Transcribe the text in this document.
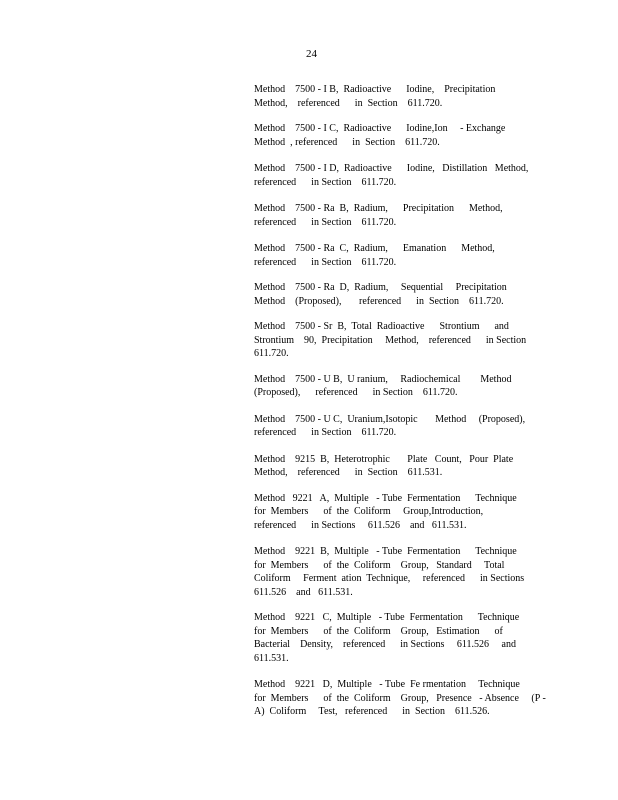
24

Method    7500 - I B,  Radioactive      Iodine,    Precipitation
Method,    referenced      in  Section    611.720.

Method    7500 - I C,  Radioactive      Iodine,Ion     - Exchange
Method  , referenced      in  Section    611.720.

Method    7500 - I D,  Radioactive      Iodine,   Distillation   Method,
referenced      in Section    611.720.

Method    7500 - Ra  B,  Radium,      Precipitation      Method,
referenced      in Section    611.720.

Method    7500 - Ra  C,  Radium,      Emanation      Method,
referenced      in Section    611.720.

Method    7500 - Ra  D,  Radium,     Sequential     Precipitation
Method    (Proposed),       referenced      in  Section    611.720.

Method    7500 - Sr  B,  Total  Radioactive      Strontium      and
Strontium    90,  Precipitation     Method,    referenced      in Section
611.720.

Method    7500 - U B,  U ranium,     Radiochemical        Method
(Proposed),      referenced      in Section    611.720.

Method    7500 - U C,  Uranium,Isotopic       Method     (Proposed),
referenced      in Section    611.720.

Method    9215  B,  Heterotrophic       Plate   Count,   Pour  Plate
Method,    referenced      in  Section    611.531.

Method   9221   A,  Multiple   - Tube  Fermentation      Technique
for  Members      of  the  Coliform     Group,Introduction,
referenced      in Sections     611.526    and   611.531.

Method    9221  B,  Multiple   - Tube  Fermentation      Technique
for  Members      of  the  Coliform    Group,   Standard     Total
Coliform     Ferment  ation  Technique,     referenced      in Sections
611.526    and   611.531.

Method    9221   C,  Multiple   - Tube  Fermentation      Technique
for  Members      of  the  Coliform    Group,   Estimation      of
Bacterial    Density,    referenced      in Sections     611.526     and
611.531.

Method    9221   D,  Multiple   - Tube  Fe rmentation     Technique
for  Members      of  the  Coliform    Group,   Presence   - Absence     (P -
A)  Coliform     Test,   referenced      in  Section    611.526.
